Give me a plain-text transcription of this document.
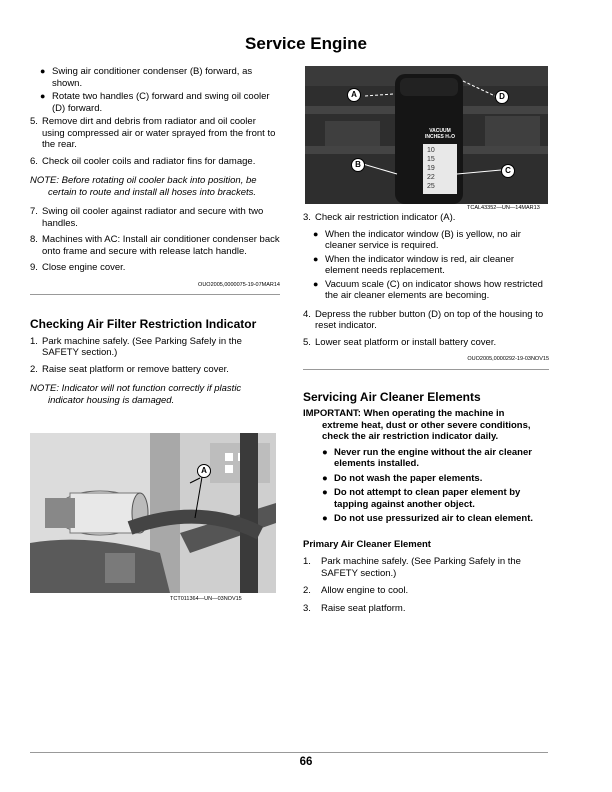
Service Engine
● Swing air conditioner condenser (B) forward, as shown.
● Rotate two handles (C) forward and swing oil cooler (D) forward.
5. Remove dirt and debris from radiator and oil cooler using compressed air or water sprayed from the front to the rear.
6. Check oil cooler coils and radiator fins for damage.
NOTE: Before rotating oil cooler back into position, be
certain to route and install all hoses into brackets.
7. Swing oil cooler against radiator and secure with two handles.
8. Machines with AC: Install air conditioner condenser back onto frame and secure with release latch handle.
9. Close engine cover.
OUO2005,0000075-19-07MAR14
Checking Air Filter Restriction Indicator
1. Park machine safely. (See Parking Safely in the SAFETY section.)
2. Raise seat platform or remove battery cover.
NOTE: Indicator will not function correctly if plastic
indicator housing is damaged.
A
TCT011364—UN—03NOV15
VACUUM INCHES H₂O
10
15
19
22
25
A
B
C
D
TCAL43352—UN—14MAR13
3. Check air restriction indicator (A).
● When the indicator window (B) is yellow, no air cleaner service is required.
● When the indicator window is red, air cleaner element needs replacement.
● Vacuum scale (C) on indicator shows how restricted the air cleaner elements are becoming.
4. Depress the rubber button (D) on top of the housing to reset indicator.
5. Lower seat platform or install battery cover.
OUO2005,0000292-19-03NOV15
Servicing Air Cleaner Elements
IMPORTANT: When operating the machine in
extreme heat, dust or other severe conditions, check the air restriction indicator daily.
● Never run the engine without the air cleaner elements installed.
● Do not wash the paper elements.
● Do not attempt to clean paper element by tapping against another object.
● Do not use pressurized air to clean element.
Primary Air Cleaner Element
1.	Park machine safely. (See Parking Safely in the SAFETY section.)
2.	Allow engine to cool.
3.	Raise seat platform.
66
